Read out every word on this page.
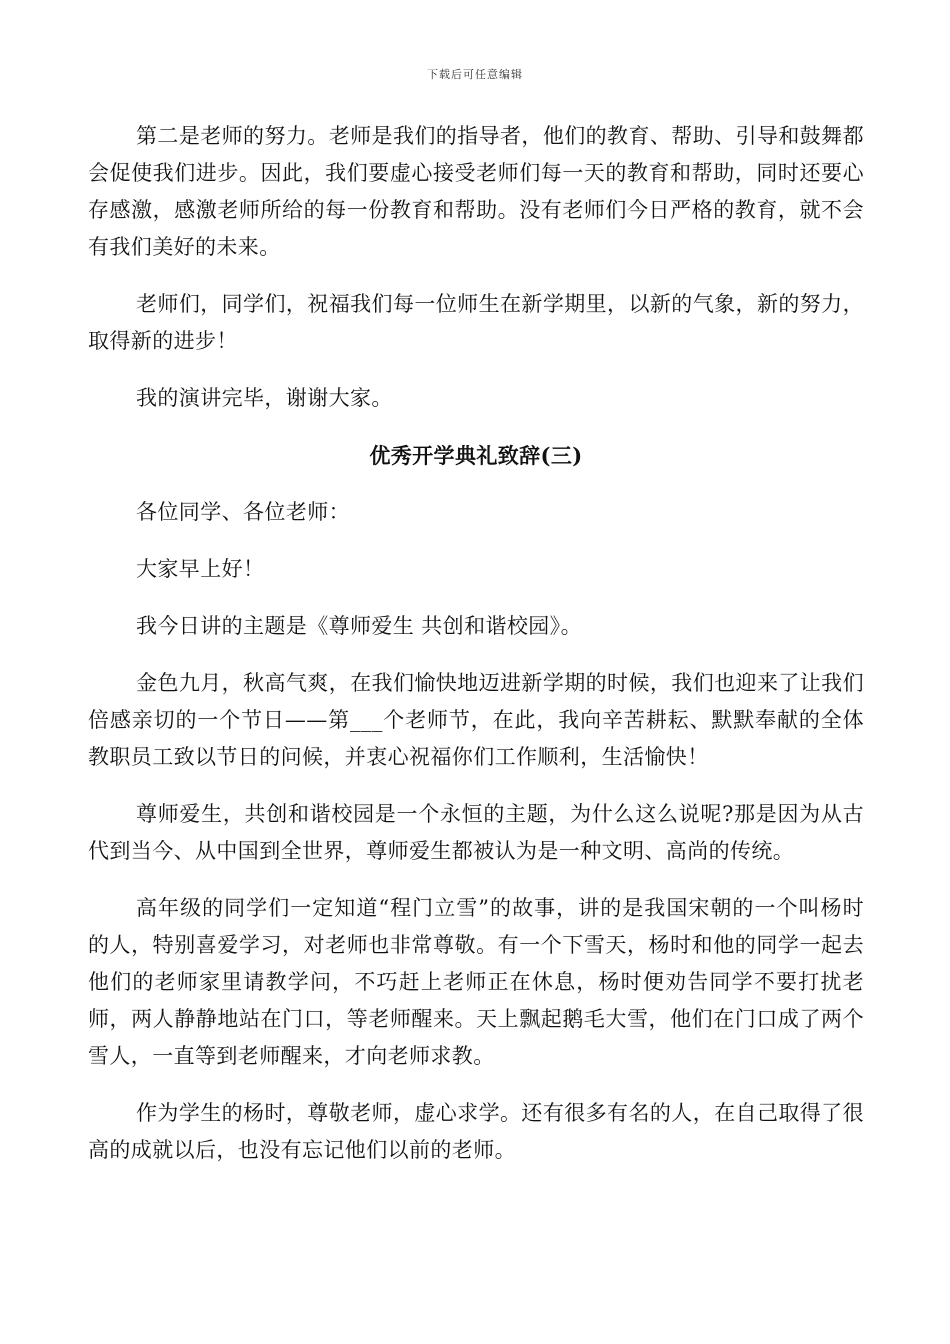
下载后可任意编辑

第二是老师的努力。老师是我们的指导者，他们的教育、帮助、引导和鼓舞都会促使我们进步。因此，我们要虚心接受老师们每一天的教育和帮助，同时还要心存感激，感激老师所给的每一份教育和帮助。没有老师们今日严格的教育，就不会有我们美好的未来。

老师们，同学们，祝福我们每一位师生在新学期里，以新的气象，新的努力，取得新的进步！

我的演讲完毕，谢谢大家。

优秀开学典礼致辞(三)

各位同学、各位老师：

大家早上好！

我今日讲的主题是《尊师爱生 共创和谐校园》。

金色九月，秋高气爽，在我们愉快地迈进新学期的时候，我们也迎来了让我们倍感亲切的一个节日——第___个老师节，在此，我向辛苦耕耘、默默奉献的全体教职员工致以节日的问候，并衷心祝福你们工作顺利，生活愉快！

尊师爱生，共创和谐校园是一个永恒的主题，为什么这么说呢?那是因为从古代到当今、从中国到全世界，尊师爱生都被认为是一种文明、高尚的传统。

高年级的同学们一定知道“程门立雪”的故事，讲的是我国宋朝的一个叫杨时的人，特别喜爱学习，对老师也非常尊敬。有一个下雪天，杨时和他的同学一起去他们的老师家里请教学问，不巧赶上老师正在休息，杨时便劝告同学不要打扰老师，两人静静地站在门口，等老师醒来。天上飘起鹅毛大雪，他们在门口成了两个雪人，一直等到老师醒来，才向老师求教。

作为学生的杨时，尊敬老师，虚心求学。还有很多有名的人，在自己取得了很高的成就以后，也没有忘记他们以前的老师。
